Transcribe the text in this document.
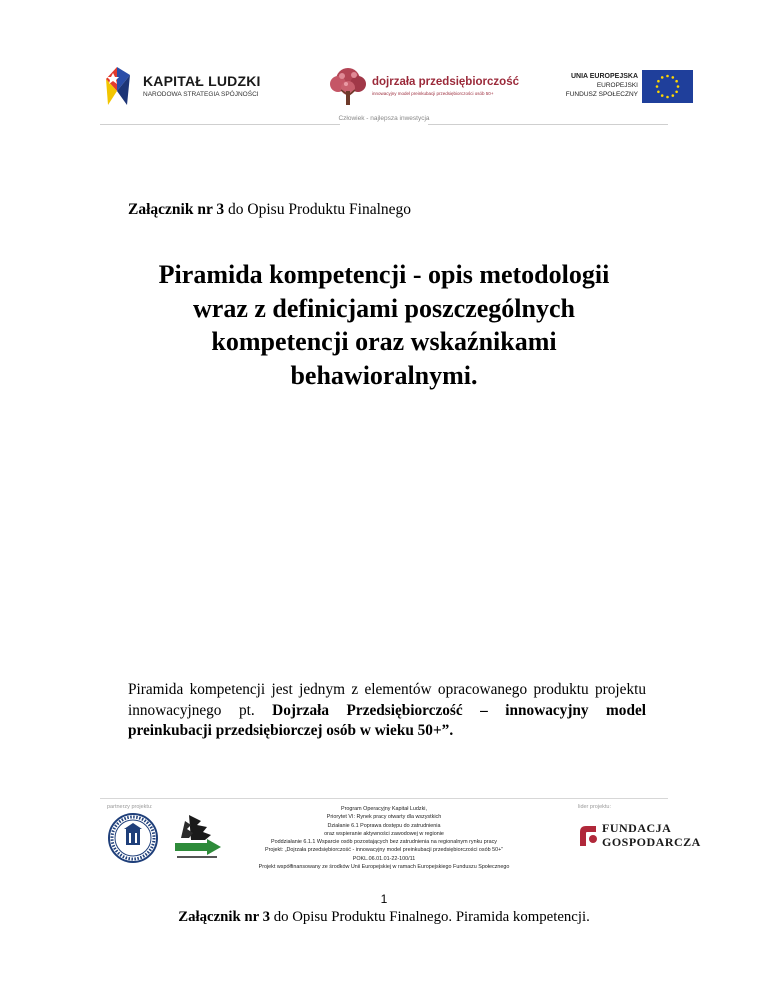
KAPITAŁ LUDZKI
NARODOWA STRATEGIA SPÓJNOŚCI
dojrzała przedsiębiorczość
innowacyjny model preinkubacji przedsiębiorczości osób 50+
UNIA EUROPEJSKA
EUROPEJSKI
FUNDUSZ SPOŁECZNY
Człowiek - najlepsza inwestycja
Załącznik nr 3 do Opisu Produktu Finalnego
Piramida kompetencji - opis metodologii
wraz z definicjami poszczególnych
kompetencji oraz wskaźnikami
behawioralnymi.
Piramida kompetencji jest jednym z elementów opracowanego produktu projektu innowacyjnego pt. Dojrzała Przedsiębiorczość – innowacyjny model preinkubacji przedsiębiorczej osób w wieku 50+”.
partnerzy projektu:	lider projektu:
Program Operacyjny Kapitał Ludzki,
Priorytet VI: Rynek pracy otwarty dla wszystkich
Działanie 6.1 Poprawa dostępu do zatrudnienia
oraz wspieranie aktywności zawodowej w regionie
Poddziałanie 6.1.1 Wsparcie osób pozostających bez zatrudnienia na regionalnym rynku pracy
Projekt: „Dojrzała przedsiębiorczość - innowacyjny model preinkubacji przedsiębiorczości osób 50+”
POKL.06.01.01-22-100/11
Projekt współfinansowany ze środków Unii Europejskiej w ramach Europejskiego Funduszu Społecznego
FUNDACJA
GOSPODARCZA
1
Załącznik nr 3 do Opisu Produktu Finalnego. Piramida kompetencji.
